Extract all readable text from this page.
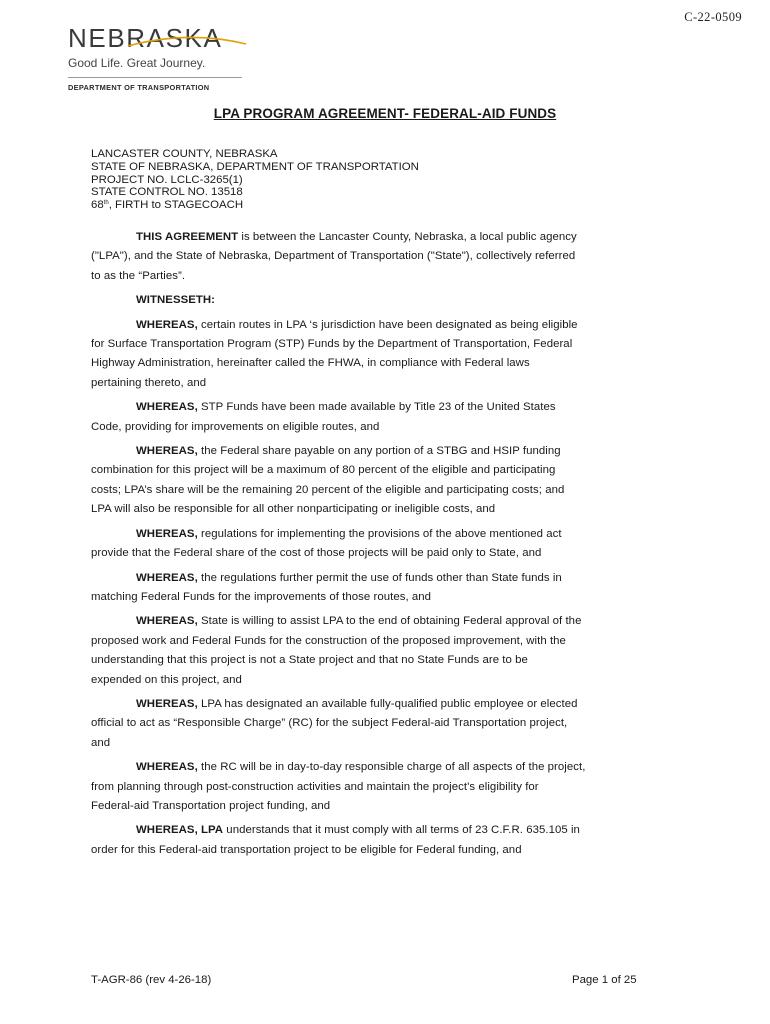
C-22-0509
NEBRASKA
Good Life. Great Journey.
DEPARTMENT OF TRANSPORTATION
LPA PROGRAM AGREEMENT- FEDERAL-AID FUNDS
LANCASTER COUNTY, NEBRASKA
STATE OF NEBRASKA, DEPARTMENT OF TRANSPORTATION
PROJECT NO. LCLC-3265(1)
STATE CONTROL NO. 13518
68th, FIRTH to STAGECOACH
THIS AGREEMENT is between the Lancaster County, Nebraska, a local public agency
("LPA"), and the State of Nebraska, Department of Transportation ("State"), collectively referred
to as the “Parties”.
WITNESSETH:
WHEREAS, certain routes in LPA ‘s jurisdiction have been designated as being eligible
for Surface Transportation Program (STP) Funds by the Department of Transportation, Federal
Highway Administration, hereinafter called the FHWA, in compliance with Federal laws
pertaining thereto, and
WHEREAS, STP Funds have been made available by Title 23 of the United States
Code, providing for improvements on eligible routes, and
WHEREAS, the Federal share payable on any portion of a STBG and HSIP funding
combination for this project will be a maximum of 80 percent of the eligible and participating
costs; LPA’s share will be the remaining 20 percent of the eligible and participating costs; and
LPA will also be responsible for all other nonparticipating or ineligible costs, and
WHEREAS, regulations for implementing the provisions of the above mentioned act
provide that the Federal share of the cost of those projects will be paid only to State, and
WHEREAS, the regulations further permit the use of funds other than State funds in
matching Federal Funds for the improvements of those routes, and
WHEREAS, State is willing to assist LPA to the end of obtaining Federal approval of the
proposed work and Federal Funds for the construction of the proposed improvement, with the
understanding that this project is not a State project and that no State Funds are to be
expended on this project, and
WHEREAS, LPA has designated an available fully-qualified public employee or elected
official to act as “Responsible Charge” (RC) for the subject Federal-aid Transportation project,
and
WHEREAS, the RC will be in day-to-day responsible charge of all aspects of the project,
from planning through post-construction activities and maintain the project’s eligibility for
Federal-aid Transportation project funding, and
WHEREAS, LPA understands that it must comply with all terms of 23 C.F.R. 635.105 in
order for this Federal-aid transportation project to be eligible for Federal funding, and
T-AGR-86 (rev 4-26-18)	Page 1 of 25
